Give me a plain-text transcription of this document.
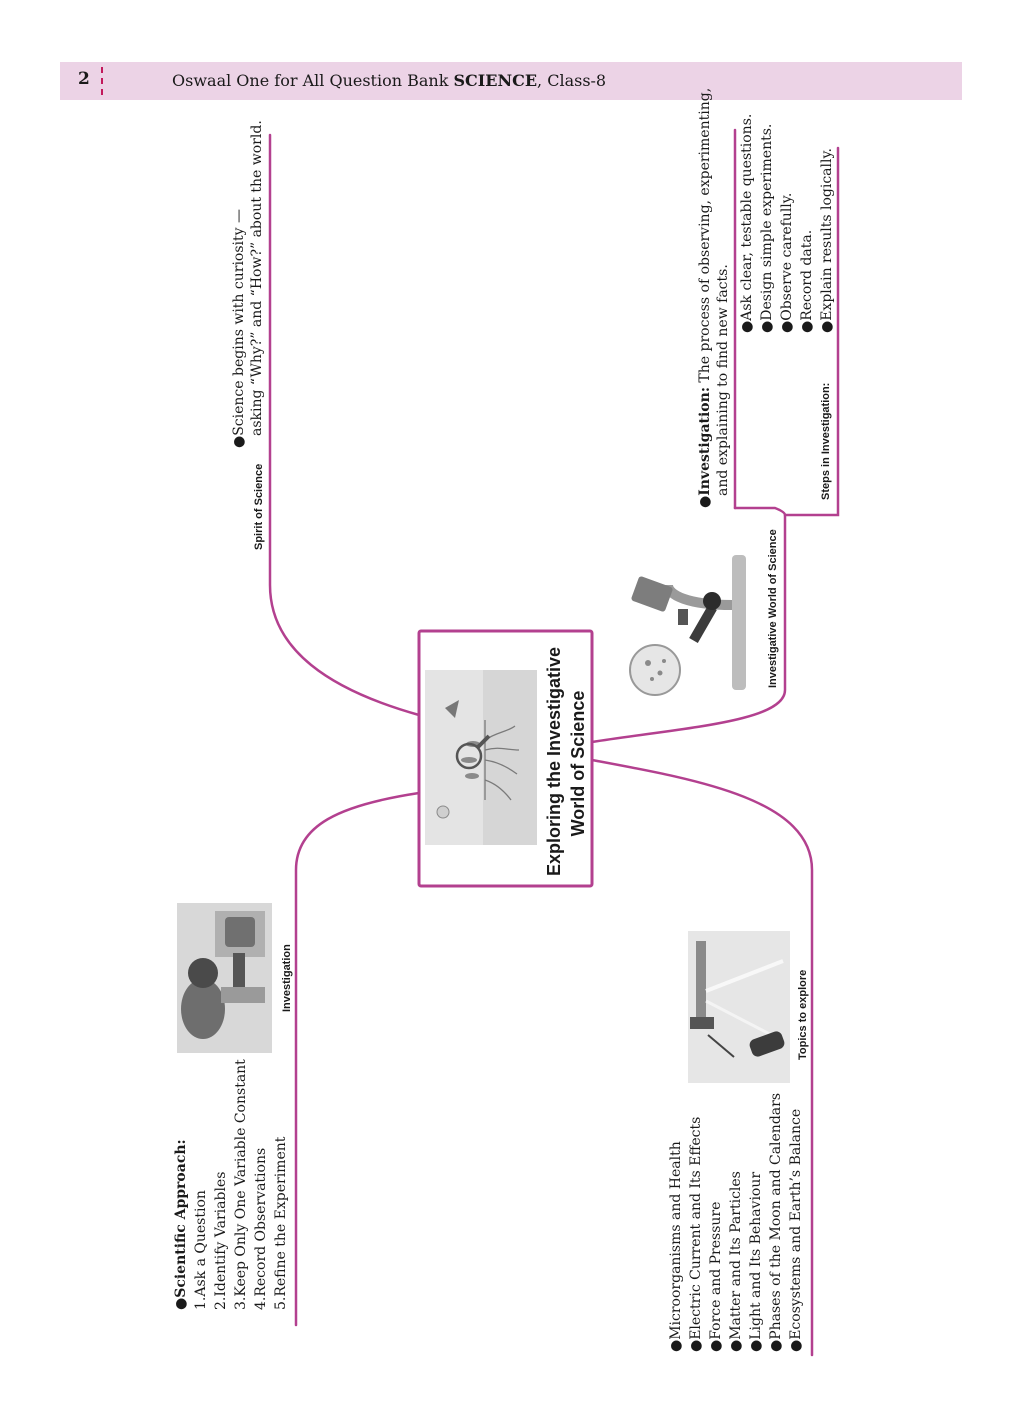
2	Oswaal One for All Question Bank SCIENCE, Class-8
Exploring the Investigative World of Science
Spirit of Science
●Science begins with curiosity — asking “Why?” and “How?” about the world.
Investigative World of Science
●Investigation: The process of observing, experimenting, and explaining to find new facts.	Steps in Investigation:
●Ask clear, testable questions. ●Design simple experiments. ●Observe carefully. ●Record data. ●Explain results logically.
Investigation
●Scientific Approach: 1.Ask a Question 2.Identify Variables 3.Keep Only One Variable Constant 4.Record Observations 5.Refine the Experiment
Topics to explore
●Microorganisms and Health ●Electric Current and Its Effects ●Force and Pressure ●Matter and Its Particles ●Light and Its Behaviour ●Phases of the Moon and Calendars ●Ecosystems and Earth’s Balance
